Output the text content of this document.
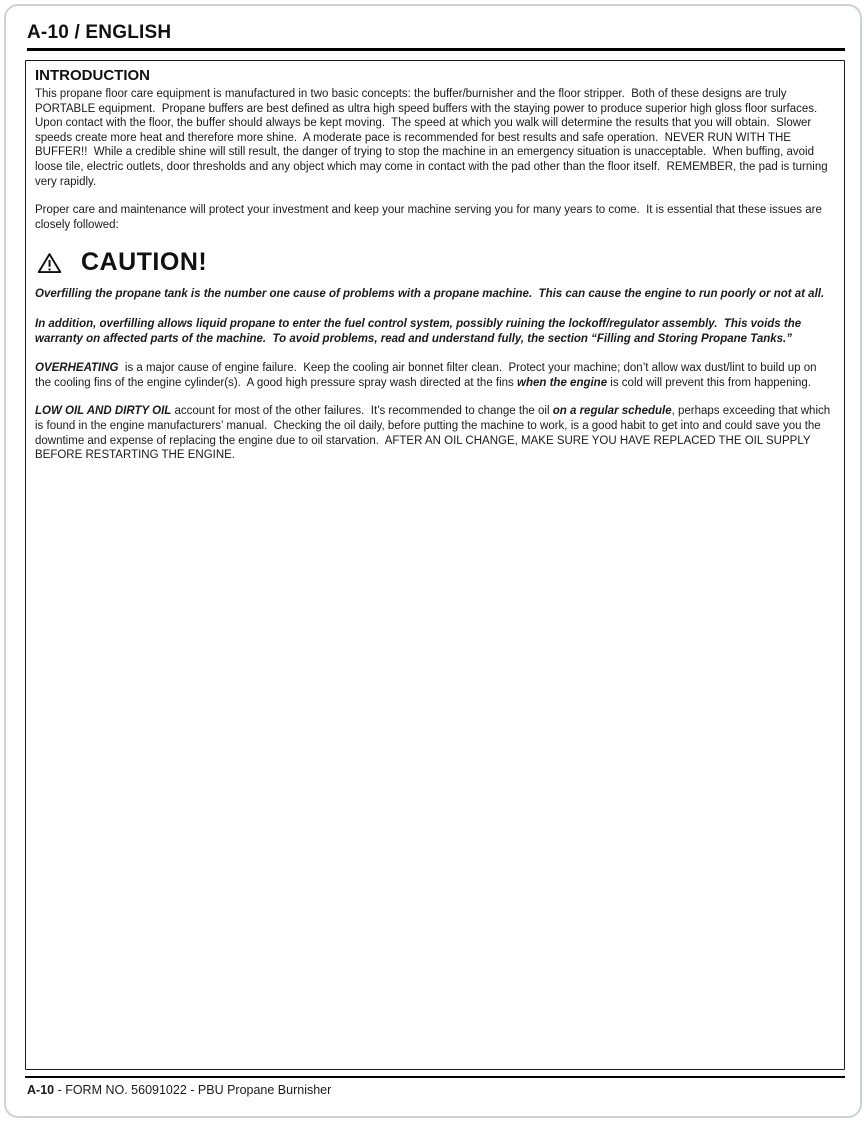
A-10 / ENGLISH
INTRODUCTION

This propane floor care equipment is manufactured in two basic concepts: the buffer/burnisher and the floor stripper.  Both of these designs are truly PORTABLE equipment.  Propane buffers are best defined as ultra high speed buffers with the staying power to produce superior high gloss floor surfaces.  Upon contact with the floor, the buffer should always be kept moving.  The speed at which you walk will determine the results that you will obtain.  Slower speeds create more heat and therefore more shine.  A moderate pace is recommended for best results and safe operation.  NEVER RUN WITH THE BUFFER!!  While a credible shine will still result, the danger of trying to stop the machine in an emergency situation is unacceptable.  When buffing, avoid loose tile, electric outlets, door thresholds and any object which may come in contact with the pad other than the floor itself.  REMEMBER, the pad is turning very rapidly.

Proper care and maintenance will protect your investment and keep your machine serving you for many years to come.  It is essential that these issues are closely followed:

CAUTION!

Overfilling the propane tank is the number one cause of problems with a propane machine.  This can cause the engine to run poorly or not at all.

In addition, overfilling allows liquid propane to enter the fuel control system, possibly ruining the lockoff/regulator assembly.  This voids the warranty on affected parts of the machine.  To avoid problems, read and understand fully, the section “Filling and Storing Propane Tanks.”

OVERHEATING  is a major cause of engine failure.  Keep the cooling air bonnet filter clean.  Protect your machine; don’t allow wax dust/lint to build up on the cooling fins of the engine cylinder(s).  A good high pressure spray wash directed at the fins when the engine is cold will prevent this from happening.

LOW OIL AND DIRTY OIL account for most of the other failures.  It’s recommended to change the oil on a regular schedule, perhaps exceeding that which is found in the engine manufacturers’ manual.  Checking the oil daily, before putting the machine to work, is a good habit to get into and could save you the downtime and expense of replacing the engine due to oil starvation.  AFTER AN OIL CHANGE, MAKE SURE YOU HAVE REPLACED THE OIL SUPPLY BEFORE RESTARTING THE ENGINE.

A-10 - FORM NO. 56091022 - PBU Propane Burnisher
